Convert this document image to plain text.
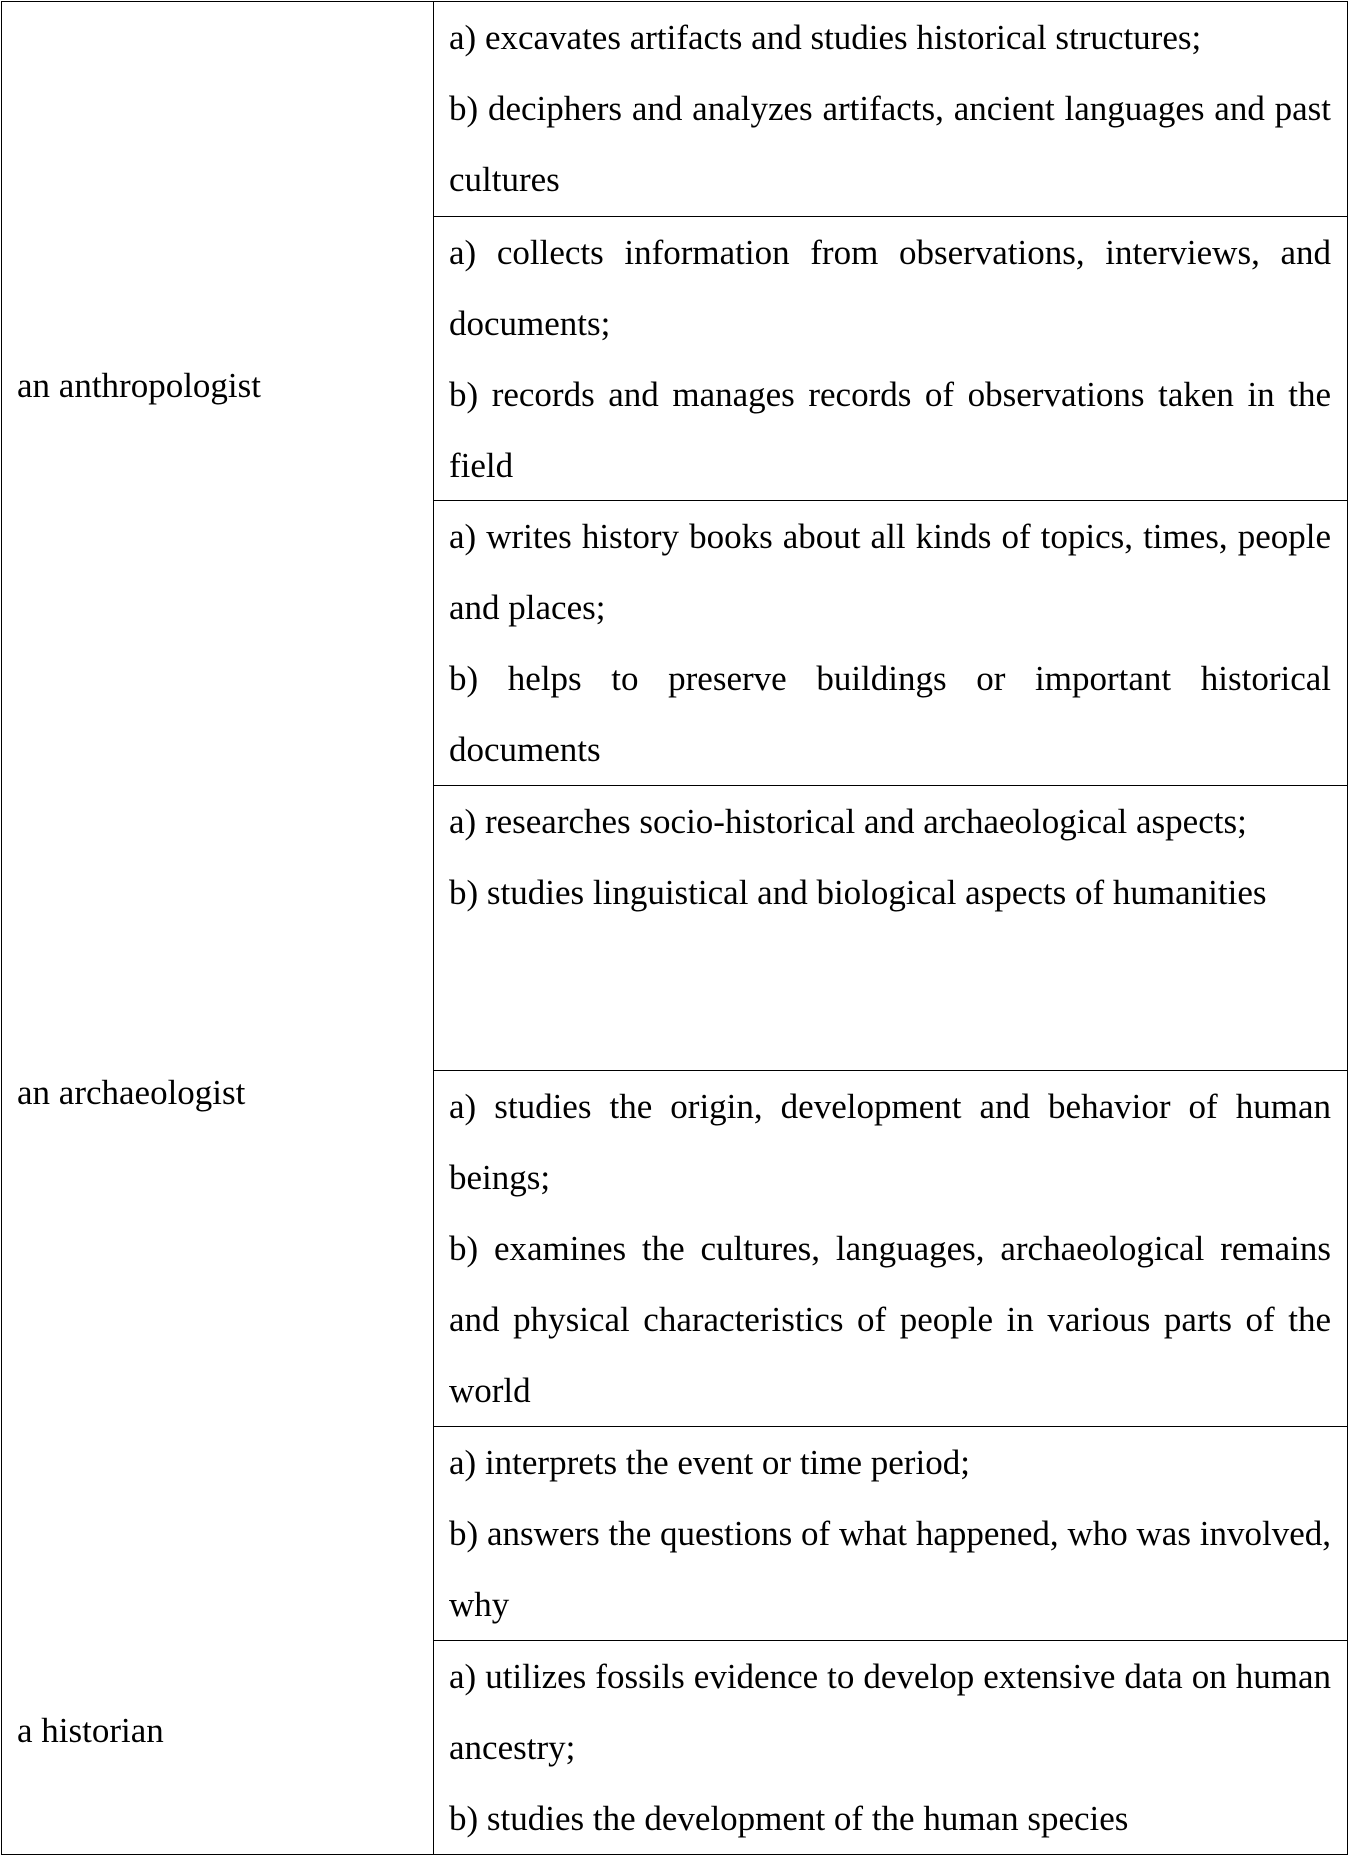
an anthropologist
an archaeologist
a historian
a) excavates artifacts and studies historical structures;
b) deciphers and analyzes artifacts, ancient languages and past cultures
a) collects information from observations, interviews, and documents;
b) records and manages records of observations taken in the field
a) writes history books about all kinds of topics, times, people and places;
b) helps to preserve buildings or important historical documents
a) researches socio-historical and archaeological aspects;
b) studies linguistical and biological aspects of humanities
a) studies the origin, development and behavior of human beings;
b) examines the cultures, languages, archaeological remains and physical characteristics of people in various parts of the world
a) interprets the event or time period;
b) answers the questions of what happened, who was involved, why
a) utilizes fossils evidence to develop extensive data on human ancestry;
b) studies the development of the human species
